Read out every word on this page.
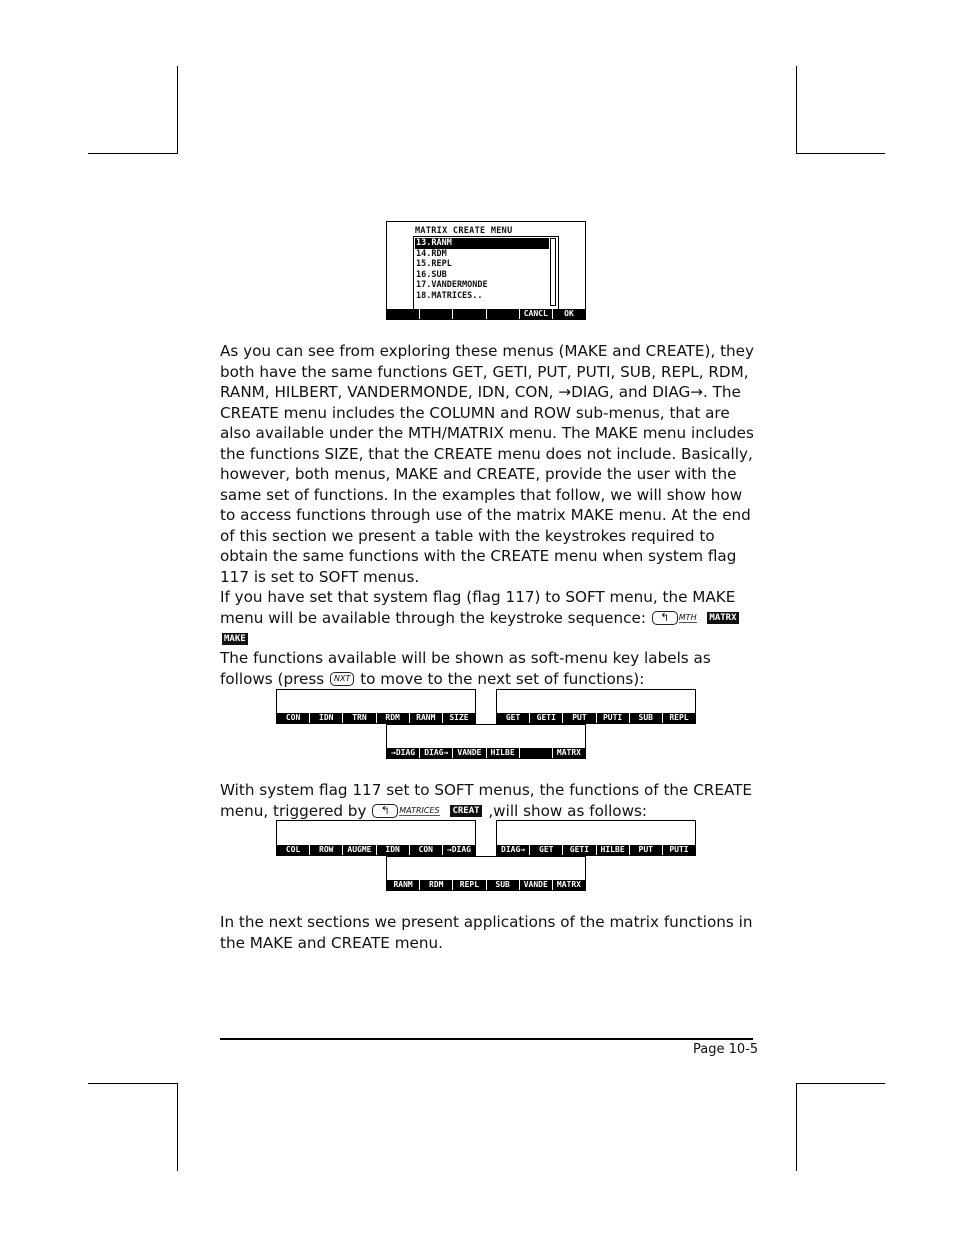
MATRIX CREATE MENU
13.RANM
14.RDM
15.REPL
16.SUB
17.VANDERMONDE
18.MATRICES..
CANCL	OK

As you can see from exploring these menus (MAKE and CREATE), they both have the same functions GET, GETI, PUT, PUTI, SUB, REPL, RDM, RANM, HILBERT, VANDERMONDE, IDN, CON, →DIAG, and DIAG→. The CREATE menu includes the COLUMN and ROW sub-menus, that are also available under the MTH/MATRIX menu. The MAKE menu includes the functions SIZE, that the CREATE menu does not include. Basically, however, both menus, MAKE and CREATE, provide the user with the same set of functions. In the examples that follow, we will show how to access functions through use of the matrix MAKE menu. At the end of this section we present a table with the keystrokes required to obtain the same functions with the CREATE menu when system flag 117 is set to SOFT menus.

If you have set that system flag (flag 117) to SOFT menu, the MAKE menu will be available through the keystroke sequence: ↰ MTH MATRX MAKE

The functions available will be shown as soft-menu key labels as follows (press NXT to move to the next set of functions):

CON	IDN	TRN	RDM	RANM	SIZE	GET	GETI	PUT	PUTI	SUB	REPL
→DIAG	DIAG→	VANDE	HILBE	MATRX

With system flag 117 set to SOFT menus, the functions of the CREATE menu, triggered by ↰ MATRICES CREAT ,will show as follows:

COL	ROW	AUGME	IDN	CON	→DIAG	DIAG→	GET	GETI	HILBE	PUT	PUTI
RANM	RDM	REPL	SUB	VANDE	MATRX

In the next sections we present applications of the matrix functions in the MAKE and CREATE menu.

Page 10-5
